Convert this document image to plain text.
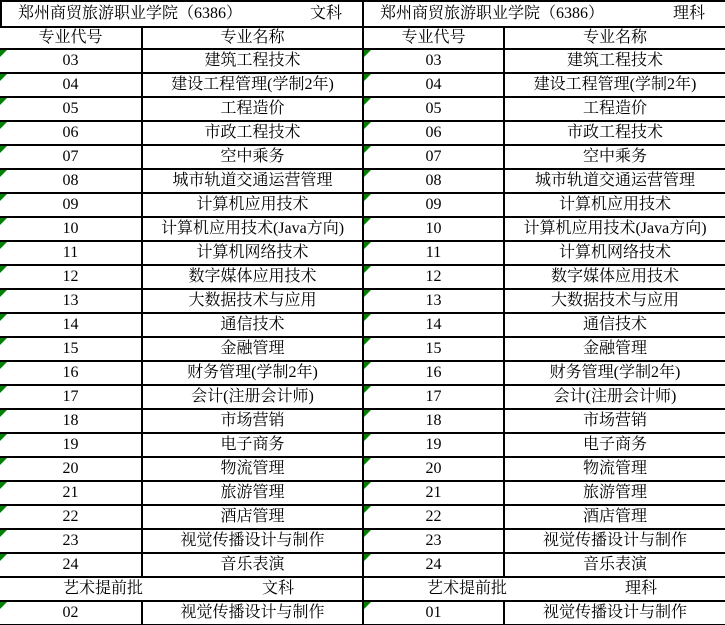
郑州商贸旅游职业学院（6386）	文科
专业代号	专业名称
03	建筑工程技术
04	建设工程管理(学制2年)
05	工程造价
06	市政工程技术
07	空中乘务
08	城市轨道交通运营管理
09	计算机应用技术
10	计算机应用技术(Java方向)
11	计算机网络技术
12	数字媒体应用技术
13	大数据技术与应用
14	通信技术
15	金融管理
16	财务管理(学制2年)
17	会计(注册会计师)
18	市场营销
19	电子商务
20	物流管理
21	旅游管理
22	酒店管理
23	视觉传播设计与制作
24	音乐表演
艺术提前批	文科
02	视觉传播设计与制作
郑州商贸旅游职业学院（6386）	理科
专业代号	专业名称
03	建筑工程技术
04	建设工程管理(学制2年)
05	工程造价
06	市政工程技术
07	空中乘务
08	城市轨道交通运营管理
09	计算机应用技术
10	计算机应用技术(Java方向)
11	计算机网络技术
12	数字媒体应用技术
13	大数据技术与应用
14	通信技术
15	金融管理
16	财务管理(学制2年)
17	会计(注册会计师)
18	市场营销
19	电子商务
20	物流管理
21	旅游管理
22	酒店管理
23	视觉传播设计与制作
24	音乐表演
艺术提前批	理科
01	视觉传播设计与制作
